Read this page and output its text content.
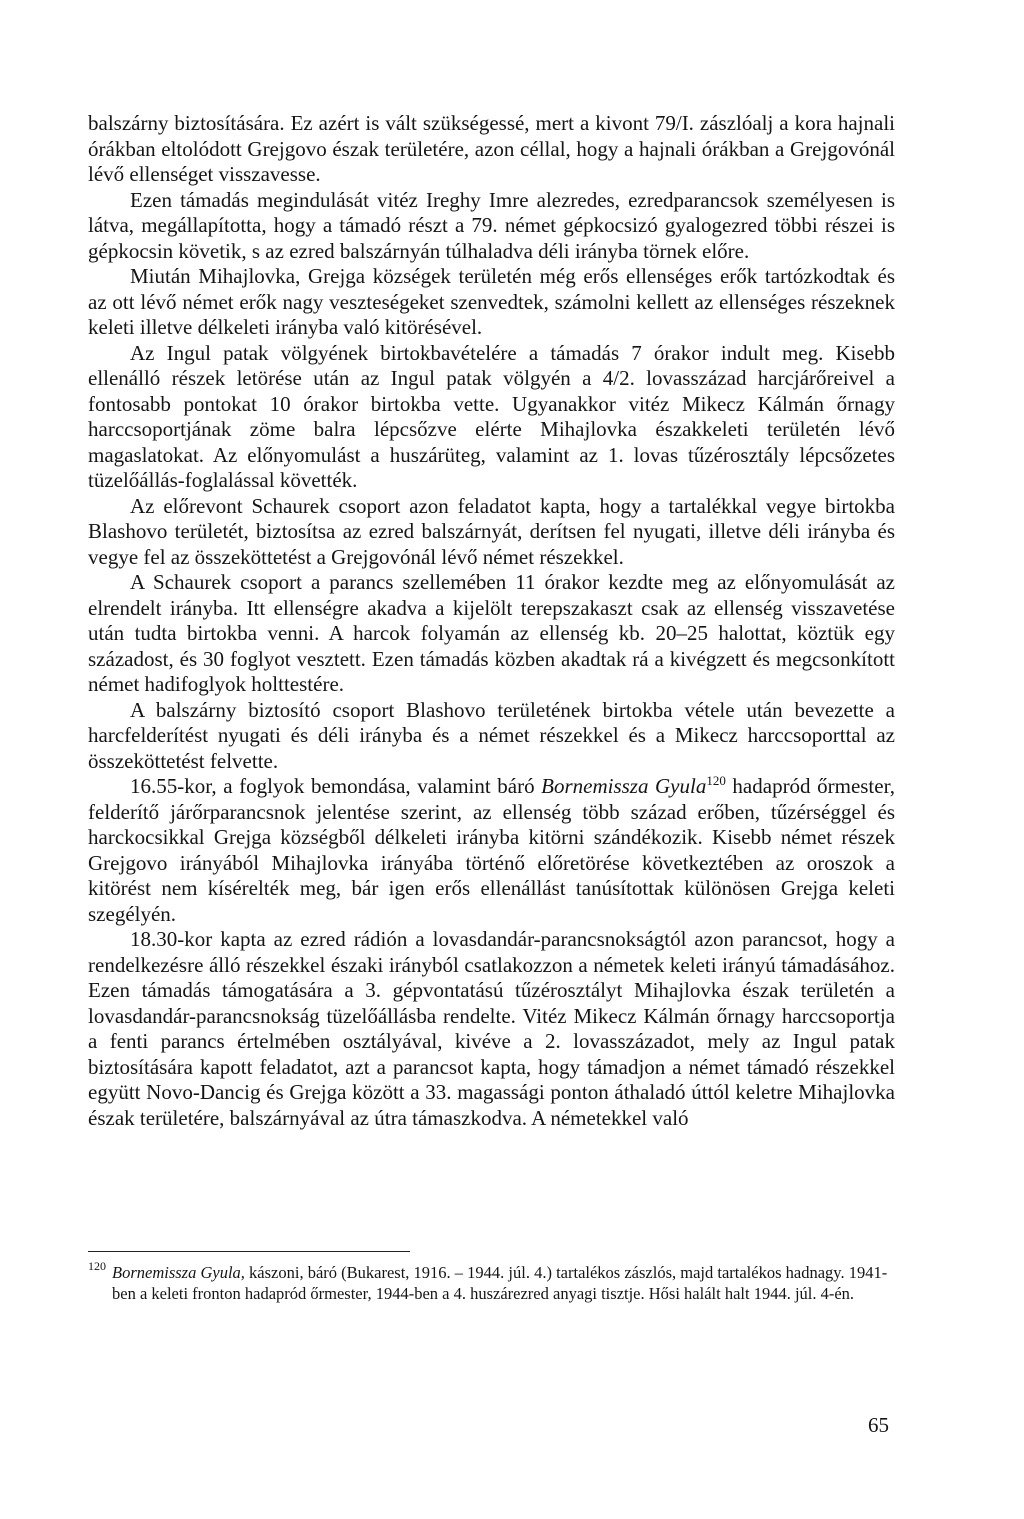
balszárny biztosítására. Ez azért is vált szükségessé, mert a kivont 79/I. zászlóalj a kora hajnali órákban eltolódott Grejgovo észak területére, azon céllal, hogy a hajnali órákban a Grejgovónál lévő ellenséget visszavesse.

Ezen támadás megindulását vitéz Ireghy Imre alezredes, ezredparancsok személyesen is látva, megállapította, hogy a támadó részt a 79. német gépkocsizó gyalogezred többi részei is gépkocsin követik, s az ezred balszárnyán túlhaladva déli irányba törnek előre.

Miután Mihajlovka, Grejga községek területén még erős ellenséges erők tartózkodtak és az ott lévő német erők nagy veszteségeket szenvedtek, számolni kellett az ellenséges részeknek keleti illetve délkeleti irányba való kitörésével.

Az Ingul patak völgyének birtokbavételére a támadás 7 órakor indult meg. Kisebb ellenálló részek letörése után az Ingul patak völgyén a 4/2. lovasszázad harcjárőreivel a fontosabb pontokat 10 órakor birtokba vette. Ugyanakkor vitéz Mikecz Kálmán őrnagy harccsoportjának zöme balra lépcsőzve elérte Mihajlovka északkeleti területén lévő magaslatokat. Az előnyomulást a huszárüteg, valamint az 1. lovas tűzérosztály lépcsőzetes tüzelőállás-foglalással követték.

Az előrevont Schaurek csoport azon feladatot kapta, hogy a tartalékkal vegye birtokba Blashovo területét, biztosítsa az ezred balszárnyát, derítsen fel nyugati, illetve déli irányba és vegye fel az összeköttetést a Grejgovónál lévő német részekkel.

A Schaurek csoport a parancs szellemében 11 órakor kezdte meg az előnyomulását az elrendelt irányba. Itt ellenségre akadva a kijelölt terepszakaszt csak az ellenség visszavetése után tudta birtokba venni. A harcok folyamán az ellenség kb. 20–25 halottat, köztük egy századost, és 30 foglyot vesztett. Ezen támadás közben akadtak rá a kivégzett és megcsonkított német hadifoglyok holttestére.

A balszárny biztosító csoport Blashovo területének birtokba vétele után bevezette a harcfelderítést nyugati és déli irányba és a német részekkel és a Mikecz harccsoporttal az összeköttetést felvette.

16.55-kor, a foglyok bemondása, valamint báró Bornemissza Gyula$^{120}$ hadapród őrmester, felderítő járőrparancsnok jelentése szerint, az ellenség több század erőben, tűzérséggel és harckocsikkal Grejga községből délkeleti irányba kitörni szándékozik. Kisebb német részek Grejgovo irányából Mihajlovka irányába történő előretörése következtében az oroszok a kitörést nem kísérelték meg, bár igen erős ellenállást tanúsítottak különösen Grejga keleti szegélyén.

18.30-kor kapta az ezred rádión a lovasdandár-parancsnokságtól azon parancsot, hogy a rendelkezésre álló részekkel északi irányból csatlakozzon a németek keleti irányú támadásához. Ezen támadás támogatására a 3. gépvontatású tűzérosztályt Mihajlovka észak területén a lovasdandár-parancsnokság tüzelőállásba rendelte. Vitéz Mikecz Kálmán őrnagy harccsoportja a fenti parancs értelmében osztályával, kivéve a 2. lovasszázadot, mely az Ingul patak biztosítására kapott feladatot, azt a parancsot kapta, hogy támadjon a német támadó részekkel együtt Novo-Dancig és Grejga között a 33. magassági ponton áthaladó úttól keletre Mihajlovka észak területére, balszárnyával az útra támaszkodva. A németekkel való

120 Bornemissza Gyula, kászoni, báró (Bukarest, 1916. – 1944. júl. 4.) tartalékos zászlós, majd tartalékos hadnagy. 1941-ben a keleti fronton hadapród őrmester, 1944-ben a 4. huszárezred anyagi tisztje. Hősi halált halt 1944. júl. 4-én.
65
